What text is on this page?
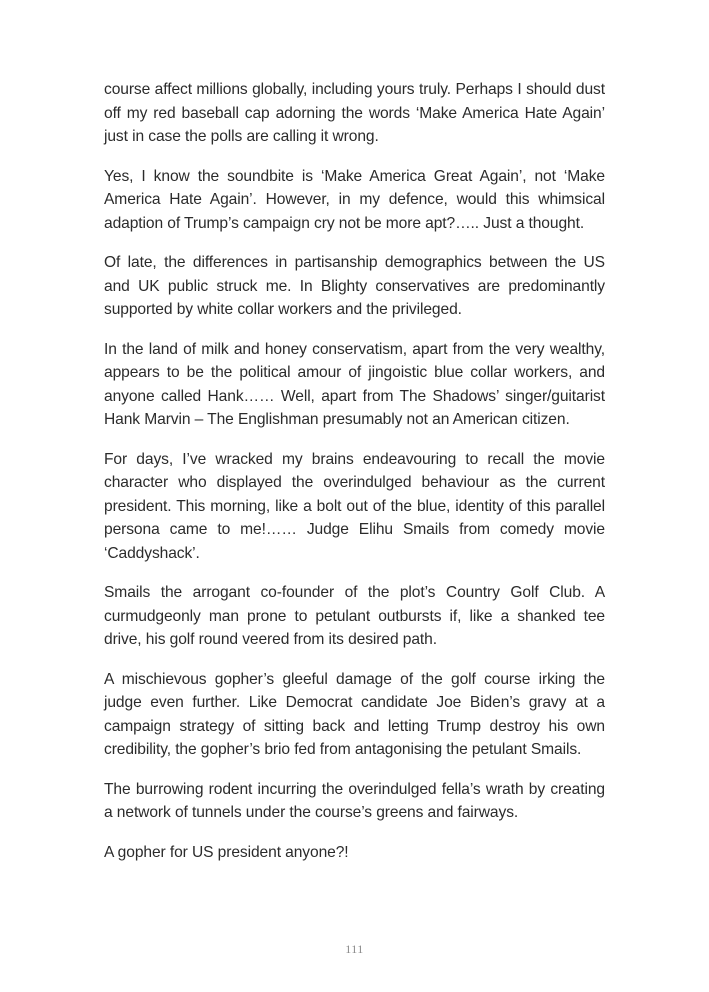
course affect millions globally, including yours truly. Perhaps I should dust off my red baseball cap adorning the words ‘Make America Hate Again’ just in case the polls are calling it wrong.

Yes, I know the soundbite is ‘Make America Great Again’, not ‘Make America Hate Again’. However, in my defence, would this whimsical adaption of Trump’s campaign cry not be more apt?….. Just a thought.

Of late, the differences in partisanship demographics between the US and UK public struck me. In Blighty conservatives are predominantly supported by white collar workers and the privileged.

In the land of milk and honey conservatism, apart from the very wealthy, appears to be the political amour of jingoistic blue collar workers, and anyone called Hank…… Well, apart from The Shadows’ singer/guitarist Hank Marvin – The Englishman presumably not an American citizen.

For days, I’ve wracked my brains endeavouring to recall the movie character who displayed the overindulged behaviour as the current president. This morning, like a bolt out of the blue, identity of this parallel persona came to me!…… Judge Elihu Smails from comedy movie ‘Caddyshack’.

Smails the arrogant co-founder of the plot’s Country Golf Club. A curmudgeonly man prone to petulant outbursts if, like a shanked tee drive, his golf round veered from its desired path.

A mischievous gopher’s gleeful damage of the golf course irking the judge even further. Like Democrat candidate Joe Biden’s gravy at a campaign strategy of sitting back and letting Trump destroy his own credibility, the gopher’s brio fed from antagonising the petulant Smails.

The burrowing rodent incurring the overindulged fella’s wrath by creating a network of tunnels under the course’s greens and fairways.

A gopher for US president anyone?!

111
